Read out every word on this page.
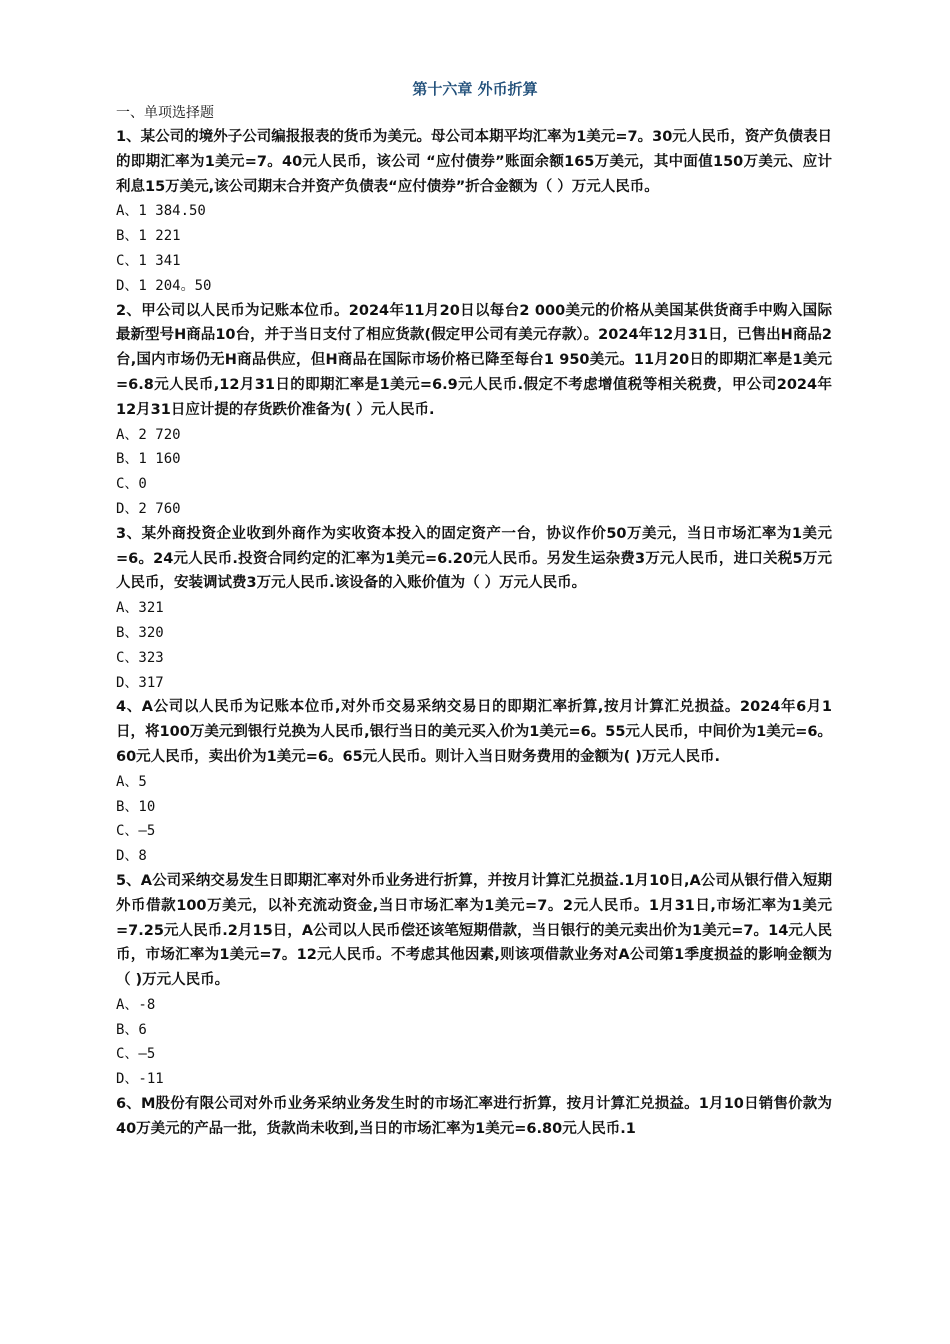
第十六章 外币折算
一、单项选择题
1、某公司的境外子公司编报报表的货币为美元。母公司本期平均汇率为1美元=7。30元人民币，资产负债表日的即期汇率为1美元=7。40元人民币，该公司 “应付债券”账面余额165万美元，其中面值150万美元、应计利息15万美元,该公司期末合并资产负债表“应付债券”折合金额为（ ）万元人民币。
A、1 384.50
B、1 221
C、1 341
D、1 204。50
2、甲公司以人民币为记账本位币。2024年11月20日以每台2 000美元的价格从美国某供货商手中购入国际最新型号H商品10台，并于当日支付了相应货款(假定甲公司有美元存款）。2024年12月31日，已售出H商品2台,国内市场仍无H商品供应，但H商品在国际市场价格已降至每台1 950美元。11月20日的即期汇率是1美元=6.8元人民币,12月31日的即期汇率是1美元=6.9元人民币.假定不考虑增值税等相关税费，甲公司2024年12月31日应计提的存货跌价准备为( ）元人民币.
A、2 720
B、1 160
C、0
D、2 760
3、某外商投资企业收到外商作为实收资本投入的固定资产一台，协议作价50万美元，当日市场汇率为1美元=6。24元人民币.投资合同约定的汇率为1美元=6.20元人民币。另发生运杂费3万元人民币，进口关税5万元人民币，安装调试费3万元人民币.该设备的入账价值为（ ）万元人民币。
A、321
B、320
C、323
D、317
4、A公司以人民币为记账本位币,对外币交易采纳交易日的即期汇率折算,按月计算汇兑损益。2024年6月1日，将100万美元到银行兑换为人民币,银行当日的美元买入价为1美元=6。55元人民币，中间价为1美元=6。60元人民币，卖出价为1美元=6。65元人民币。则计入当日财务费用的金额为( )万元人民币.
A、5
B、10
C、—5
D、8
5、A公司采纳交易发生日即期汇率对外币业务进行折算，并按月计算汇兑损益.1月10日,A公司从银行借入短期外币借款100万美元，以补充流动资金,当日市场汇率为1美元=7。2元人民币。1月31日,市场汇率为1美元=7.25元人民币.2月15日，A公司以人民币偿还该笔短期借款，当日银行的美元卖出价为1美元=7。14元人民币，市场汇率为1美元=7。12元人民币。不考虑其他因素,则该项借款业务对A公司第1季度损益的影响金额为（ )万元人民币。
A、-8
B、6
C、—5
D、-11
6、M股份有限公司对外币业务采纳业务发生时的市场汇率进行折算，按月计算汇兑损益。1月10日销售价款为40万美元的产品一批，货款尚未收到,当日的市场汇率为1美元=6.80元人民币.1
